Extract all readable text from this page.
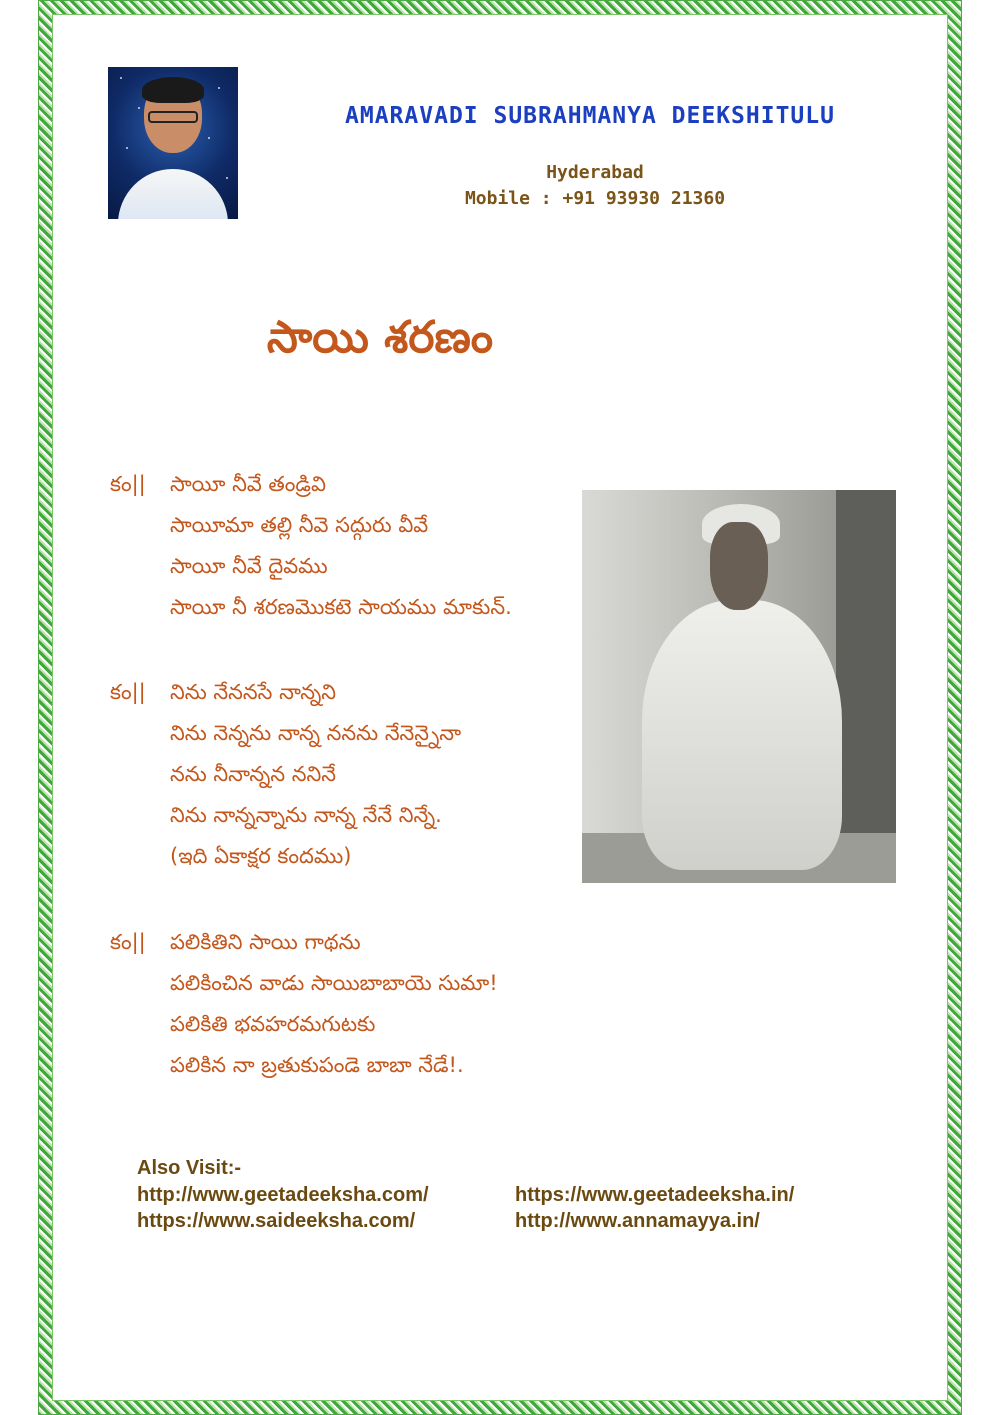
AMARAVADI SUBRAHMANYA DEEKSHITULU
Hyderabad
Mobile : +91 93930 21360
సాయి శరణం
కం|| సాయీ నీవే తండ్రివి
సాయీమా తల్లి నీవె సద్గురు వీవే
సాయీ నీవే దైవము
సాయీ నీ శరణమొకటె సాయము మాకున్.
కం|| నిను నేననసే నాన్నని
నిను నెన్నను నాన్న ననను నేనెన్నైనా
నను నీనాన్నన ననినే
నిను నాన్నన్నాను నాన్న నేనే నిన్నే.
(ఇది ఏకాక్షర కందము)
కం|| పలికితిని సాయి గాథను
పలికించిన వాడు సాయిబాబాయె సుమా!
పలికితి భవహరమగుటకు
పలికిన నా బ్రతుకుపండె బాబా నేడే!.
Also Visit:-
http://www.geetadeeksha.com/	https://www.geetadeeksha.in/
https://www.saideeksha.com/	http://www.annamayya.in/
